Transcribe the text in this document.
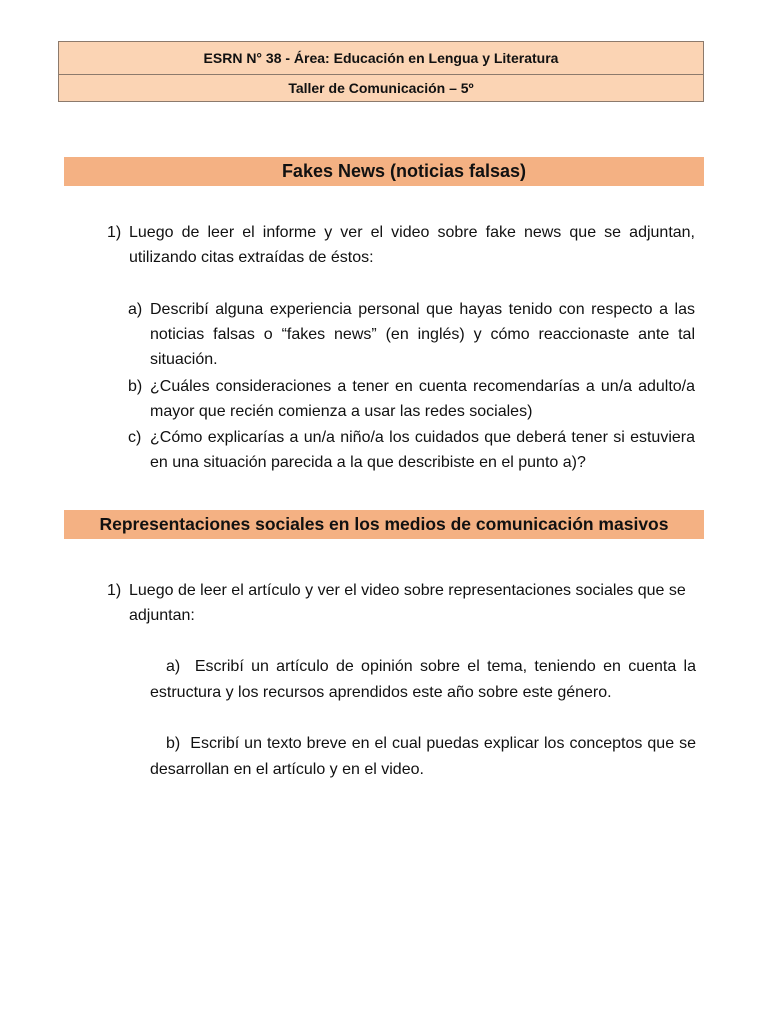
ESRN N° 38 - Área: Educación en Lengua y Literatura
Taller de Comunicación – 5º
Fakes News (noticias falsas)
1) Luego de leer el informe y ver el video sobre fake news que se adjuntan, utilizando citas extraídas de éstos:
a) Describí alguna experiencia personal que hayas tenido con respecto a las noticias falsas o “fakes news” (en inglés) y cómo reaccionaste ante tal situación.
b) ¿Cuáles consideraciones a tener en cuenta recomendarías a un/a adulto/a mayor que recién comienza a usar las redes sociales)
c) ¿Cómo explicarías a un/a niño/a los cuidados que deberá tener si estuviera en una situación parecida a la que describiste en el punto a)?
Representaciones sociales en los medios de comunicación masivos
1) Luego de leer el artículo y ver el video sobre representaciones sociales que se adjuntan:
a) Escribí un artículo de opinión sobre el tema, teniendo en cuenta la estructura y los recursos aprendidos este año sobre este género.
b) Escribí un texto breve en el cual puedas explicar los conceptos que se desarrollan en el artículo y en el video.
